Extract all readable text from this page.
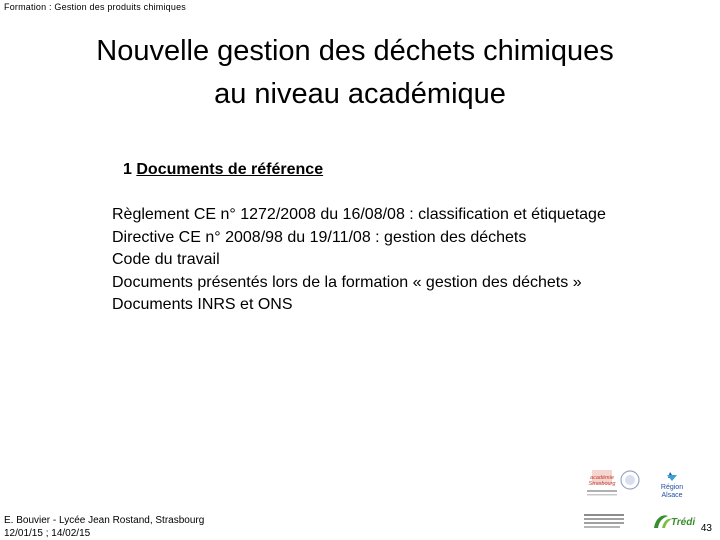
Formation : Gestion des produits chimiques
Nouvelle gestion des déchets chimiques
au niveau académique
1 Documents de référence
Règlement CE n° 1272/2008 du 16/08/08 : classification et étiquetage
Directive CE n° 2008/98 du 19/11/08 : gestion des déchets
Code du travail
Documents présentés lors de la formation « gestion des déchets »
Documents INRS et ONS
E. Bouvier - Lycée Jean Rostand, Strasbourg
12/01/15 ; 14/02/15
académie
Strasbourg	Région
Alsace
Trédi
43
